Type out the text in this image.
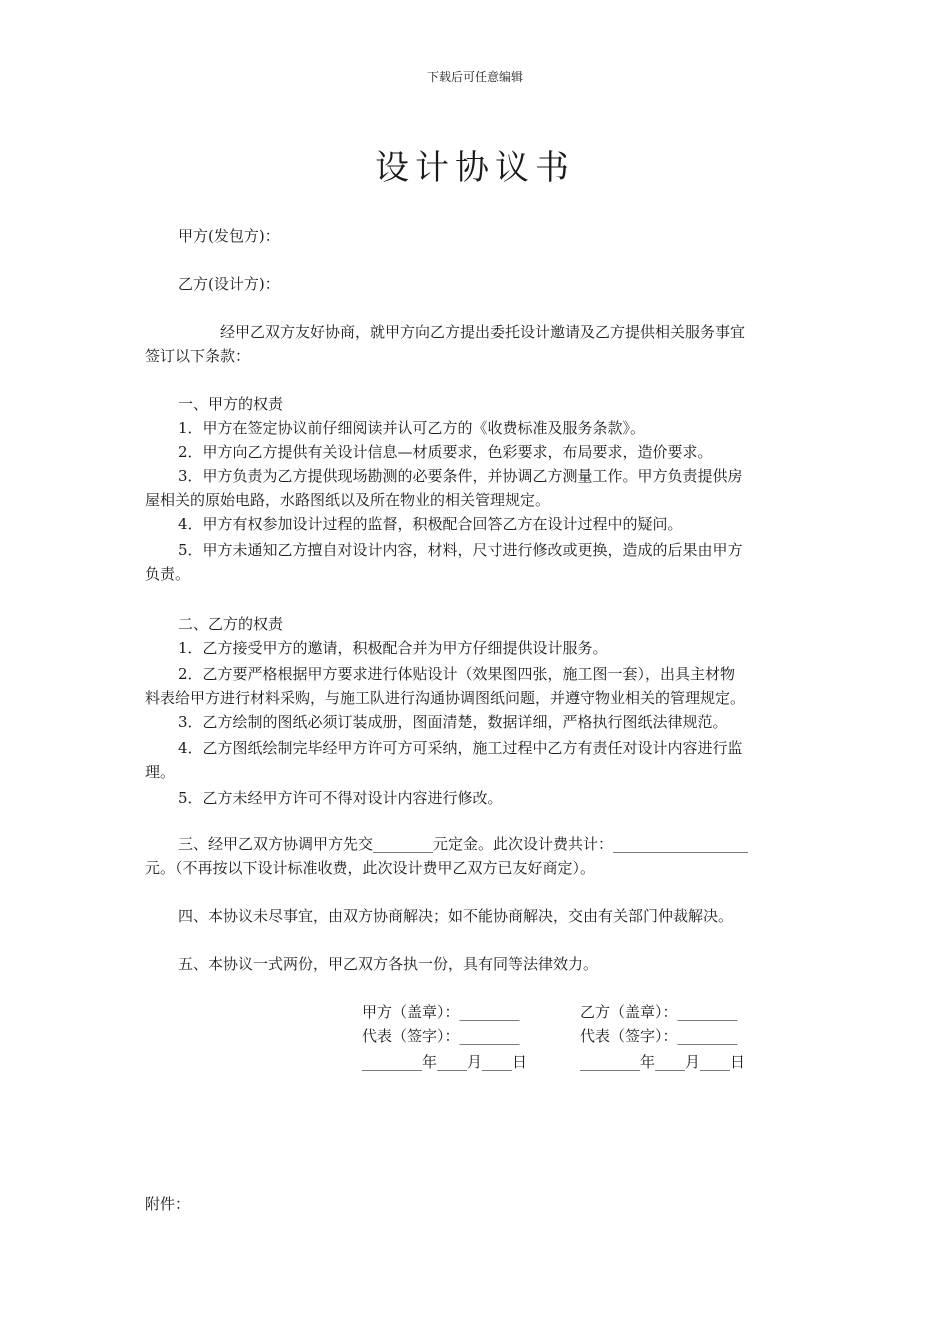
下载后可任意编辑
设计协议书
甲方(发包方)：
乙方(设计方)：
经甲乙双方友好协商，就甲方向乙方提出委托设计邀请及乙方提供相关服务事宜
签订以下条款：
一、甲方的权责
1．甲方在签定协议前仔细阅读并认可乙方的《收费标准及服务条款》。
2．甲方向乙方提供有关设计信息—材质要求，色彩要求，布局要求，造价要求。
3．甲方负责为乙方提供现场勘测的必要条件，并协调乙方测量工作。甲方负责提供房
屋相关的原始电路，水路图纸以及所在物业的相关管理规定。
4．甲方有权参加设计过程的监督，积极配合回答乙方在设计过程中的疑问。
5．甲方未通知乙方擅自对设计内容，材料，尺寸进行修改或更换，造成的后果由甲方
负责。
二、乙方的权责
1．乙方接受甲方的邀请，积极配合并为甲方仔细提供设计服务。
2．乙方要严格根据甲方要求进行体贴设计（效果图四张，施工图一套），出具主材物
料表给甲方进行材料采购，与施工队进行沟通协调图纸问题，并遵守物业相关的管理规定。
3．乙方绘制的图纸必须订装成册，图面清楚，数据详细，严格执行图纸法律规范。
4．乙方图纸绘制完毕经甲方许可方可采纳，施工过程中乙方有责任对设计内容进行监
理。
5．乙方未经甲方许可不得对设计内容进行修改。
三、经甲乙双方协调甲方先交________元定金。此次设计费共计：__________________
元。（不再按以下设计标准收费，此次设计费甲乙双方已友好商定）。
四、本协议未尽事宜，由双方协商解决；如不能协商解决，交由有关部门仲裁解决。
五、本协议一式两份，甲乙双方各执一份，具有同等法律效力。
甲方（盖章）：________	乙方（盖章）：________
代表（签字）：________	代表（签字）：________
________年____月____日	________年____月____日
附件：
